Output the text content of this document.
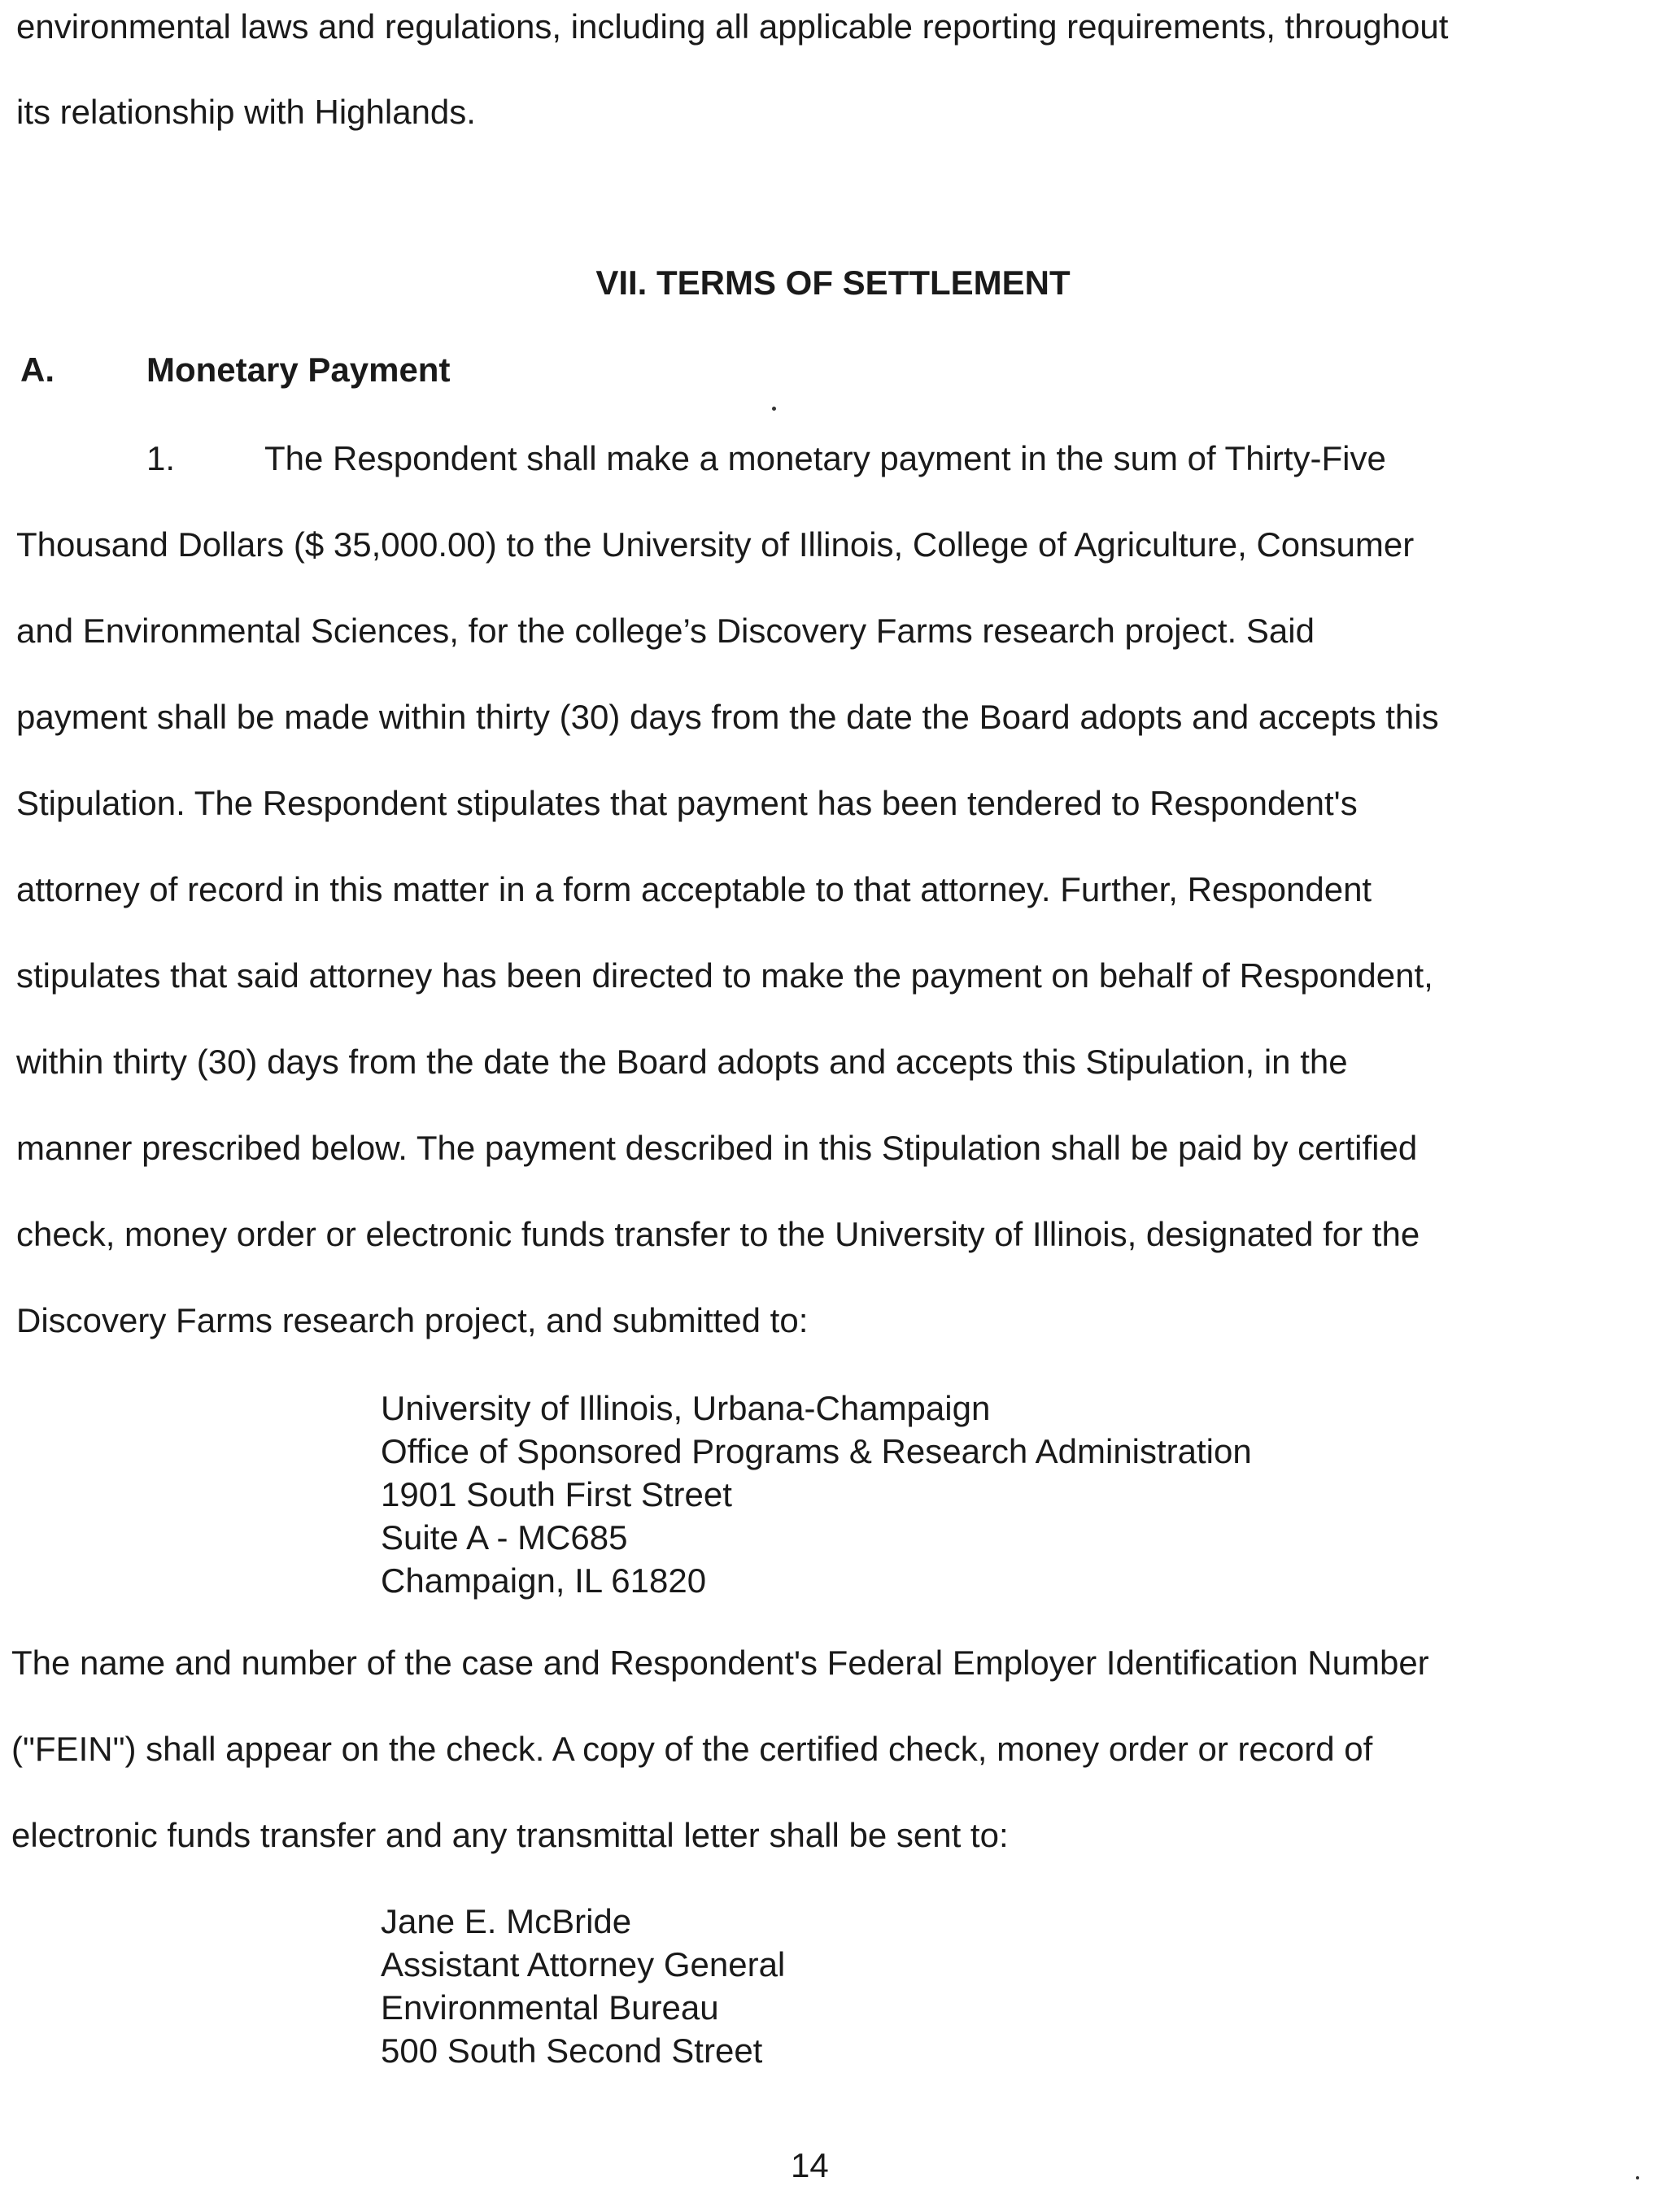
environmental laws and regulations, including all applicable reporting requirements, throughout

its relationship with Highlands.

VII. TERMS OF SETTLEMENT

A.	Monetary Payment

1.	The Respondent shall make a monetary payment in the sum of Thirty-Five

Thousand Dollars ($ 35,000.00) to the University of Illinois, College of Agriculture, Consumer

and Environmental Sciences, for the college’s Discovery Farms research project. Said

payment shall be made within thirty (30) days from the date the Board adopts and accepts this

Stipulation. The Respondent stipulates that payment has been tendered to Respondent's

attorney of record in this matter in a form acceptable to that attorney. Further, Respondent

stipulates that said attorney has been directed to make the payment on behalf of Respondent,

within thirty (30) days from the date the Board adopts and accepts this Stipulation, in the

manner prescribed below. The payment described in this Stipulation shall be paid by certified

check, money order or electronic funds transfer to the University of Illinois, designated for the

Discovery Farms research project, and submitted to:

University of Illinois, Urbana-Champaign
Office of Sponsored Programs & Research Administration
1901 South First Street
Suite A - MC685
Champaign, IL 61820

The name and number of the case and Respondent's Federal Employer Identification Number

("FEIN") shall appear on the check. A copy of the certified check, money order or record of

electronic funds transfer and any transmittal letter shall be sent to:

Jane E. McBride
Assistant Attorney General
Environmental Bureau
500 South Second Street

14
